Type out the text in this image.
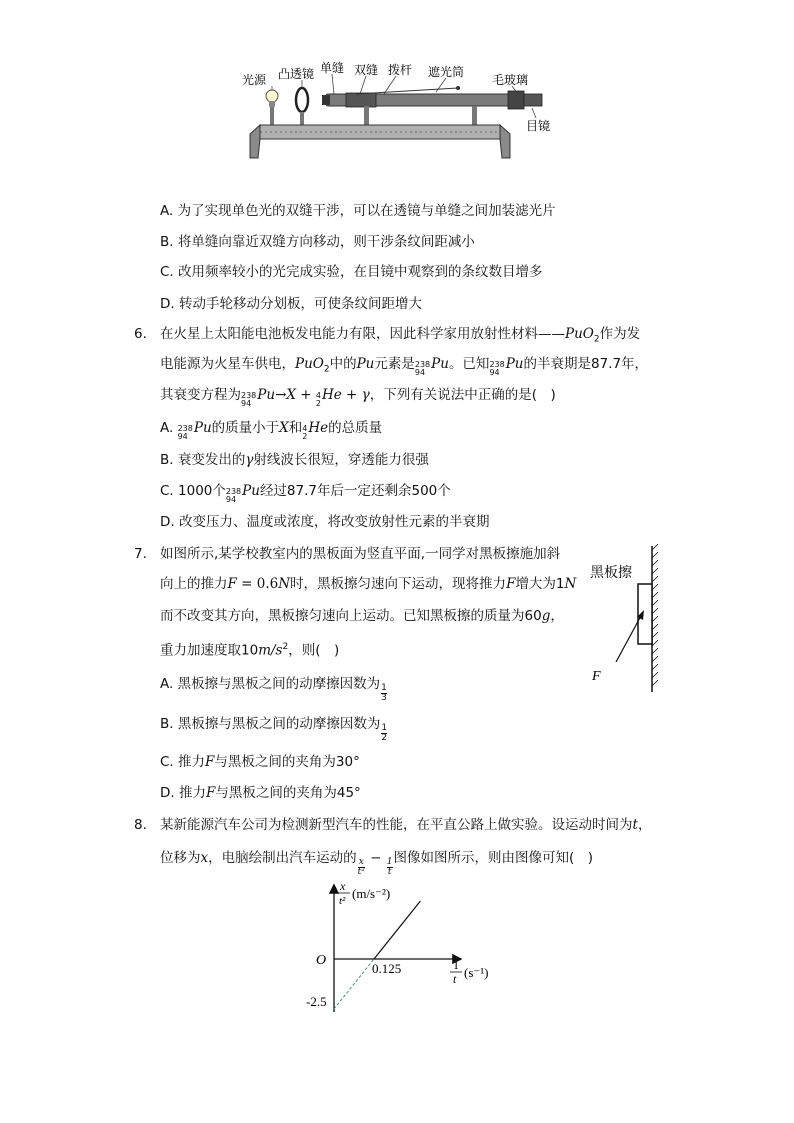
光源 凸透镜 单缝 双缝 拨杆 遮光筒
毛玻璃
目镜
A. 为了实现单色光的双缝干涉，可以在透镜与单缝之间加装滤光片
B. 将单缝向靠近双缝方向移动，则干涉条纹间距减小
C. 改用频率较小的光完成实验，在目镜中观察到的条纹数目增多
D. 转动手轮移动分划板，可使条纹间距增大
6. 在火星上太阳能电池板发电能力有限，因此科学家用放射性材料——PuO$_2$作为发
电能源为火星车供电，PuO$_2$中的Pu元素是 238
94
Pu。已知 238
94
Pu的半衰期是87.7年，
其衰变方程为 238
94
Pu→X + 4
2
He + γ，下列有关说法中正确的是(　)
A. 238
94
Pu的质量小于X和 4
2
He的总质量
B. 衰变发出的γ射线波长很短，穿透能力很强
C. 1000个 238
94
Pu经过87.7年后一定还剩余500个
D. 改变压力、温度或浓度，将改变放射性元素的半衰期
7. 如图所示,某学校教室内的黑板面为竖直平面,一同学对黑板擦施加斜
向上的推力F = 0.6N时，黑板擦匀速向下运动，现将推力F增大为1N
而不改变其方向，黑板擦匀速向上运动。已知黑板擦的质量为60g，
重力加速度取$10m/s^2$，则(　)
A. 黑板擦与黑板之间的动摩擦因数为 $\frac{1}{3}$
B. 黑板擦与黑板之间的动摩擦因数为 $\frac{1}{2}$
C. 推力F与黑板之间的夹角为30°
D. 推力F与黑板之间的夹角为45°
黑板擦
F
8. 某新能源汽车公司为检测新型汽车的性能，在平直公路上做实验。设运动时间为t，
位移为x，电脑绘制出汽车运动的 $\frac{x}{\text{t²}} - \frac{1}{t}$ 图像如图所示，则由图像可知(　)
x
t² (m/s⁻²)
1
t (s⁻¹)
O
0.125
-2.5
